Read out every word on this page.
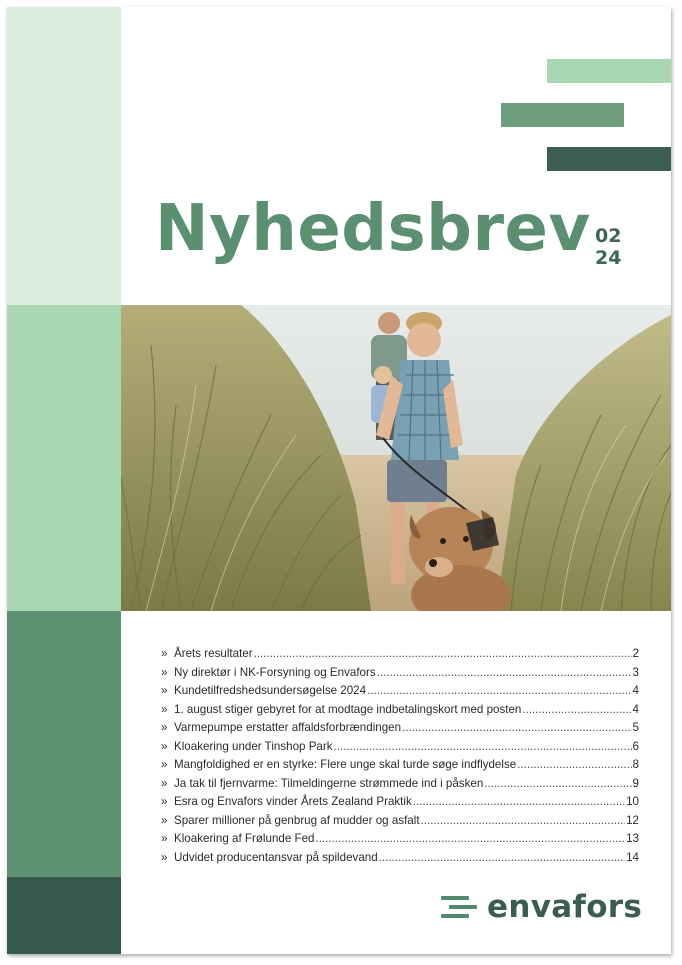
Nyhedsbrev 02
24
» Årets resultater .....	2
» Ny direktør i NK-Forsyning og Envafors .....	3
» Kundetilfredshedsundersøgelse 2024 .....	4
» 1. august stiger gebyret for at modtage indbetalingskort med posten .....	4
» Varmepumpe erstatter affaldsforbrændingen .....	5
» Kloakering under Tinshop Park .....	6
» Mangfoldighed er en styrke: Flere unge skal turde søge indflydelse .....	8
» Ja tak til fjernvarme: Tilmeldingerne strømmede ind i påsken .....	9
» Esra og Envafors vinder Årets Zealand Praktik .....	10
» Sparer millioner på genbrug af mudder og asfalt .....	12
» Kloakering af Frølunde Fed .....	13
» Udvidet producentansvar på spildevand .....	14
envafors
